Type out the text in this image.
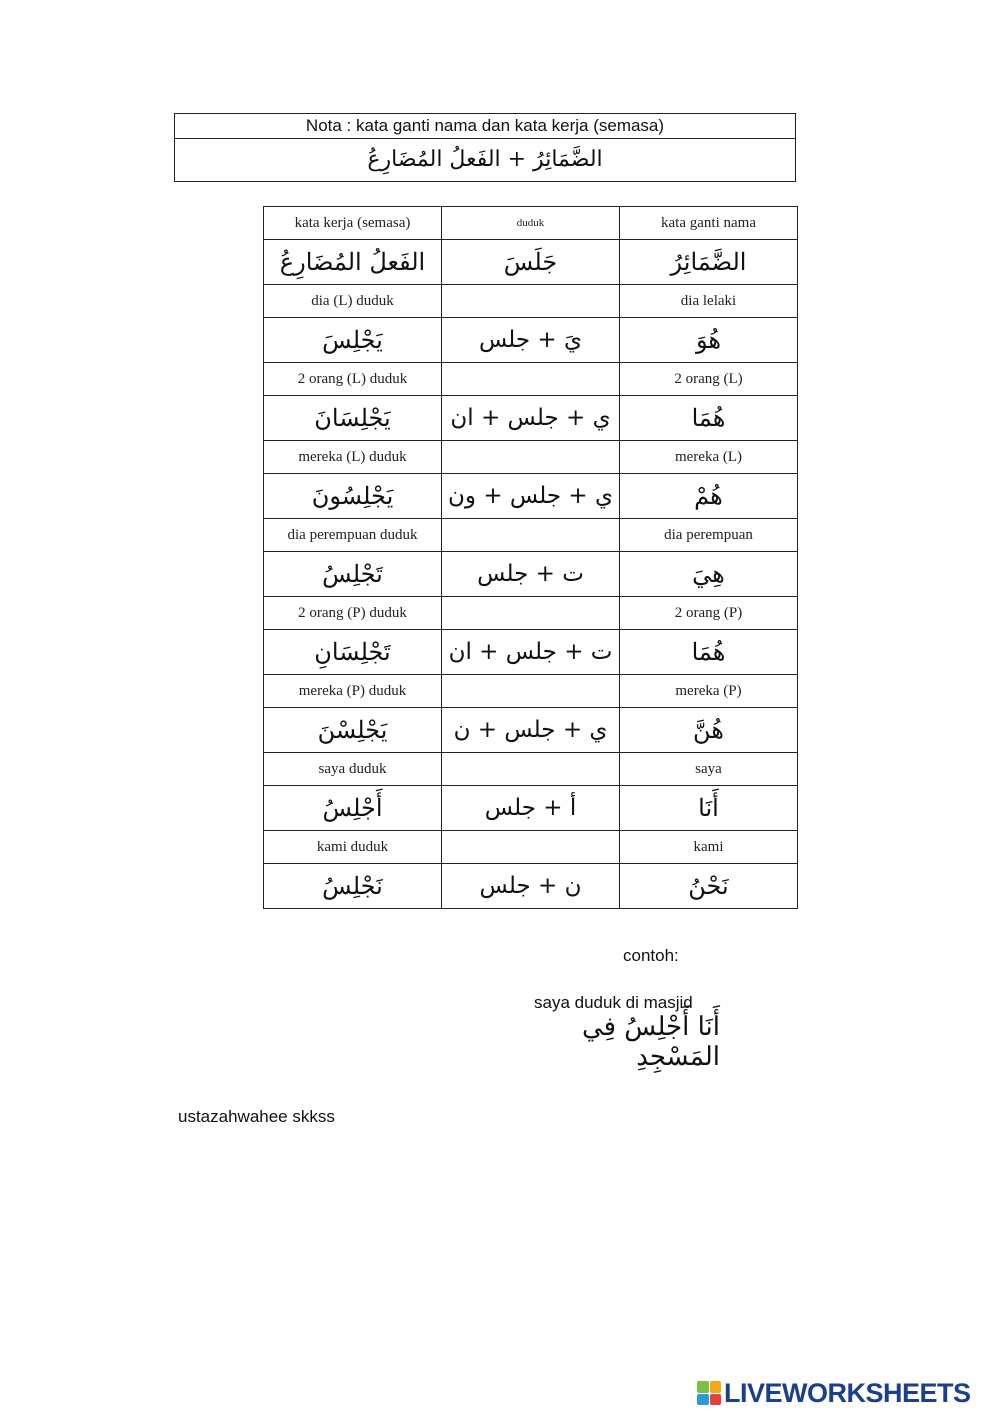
Nota : kata ganti nama dan kata kerja (semasa)
الضَّمَائِرُ + الفَعلُ المُضَارِعُ
kata kerja (semasa)	duduk	kata ganti nama
الفَعلُ المُضَارِعُ	جَلَسَ	الضَّمَائِرُ
dia (L) duduk		dia lelaki
يَجْلِسَ	يَ + جلس	هُوَ
2 orang (L) duduk		2 orang (L)
يَجْلِسَانَ	ي + جلس + ان	هُمَا
mereka (L) duduk		mereka (L)
يَجْلِسُونَ	ي + جلس + ون	هُمْ
dia perempuan duduk		dia perempuan
تَجْلِسُ	ت + جلس	هِيَ
2 orang (P) duduk		2 orang (P)
تَجْلِسَانِ	ت + جلس + ان	هُمَا
mereka (P) duduk		mereka (P)
يَجْلِسْنَ	ي + جلس + ن	هُنَّ
saya duduk		saya
أَجْلِسُ	أ + جلس	أَنَا
kami duduk		kami
نَجْلِسُ	ن + جلس	نَحْنُ
contoh:
saya duduk di masjid
أَنَا أَجْلِسُ فِي المَسْجِدِ
ustazahwahee skkss
LIVEWORKSHEETS
